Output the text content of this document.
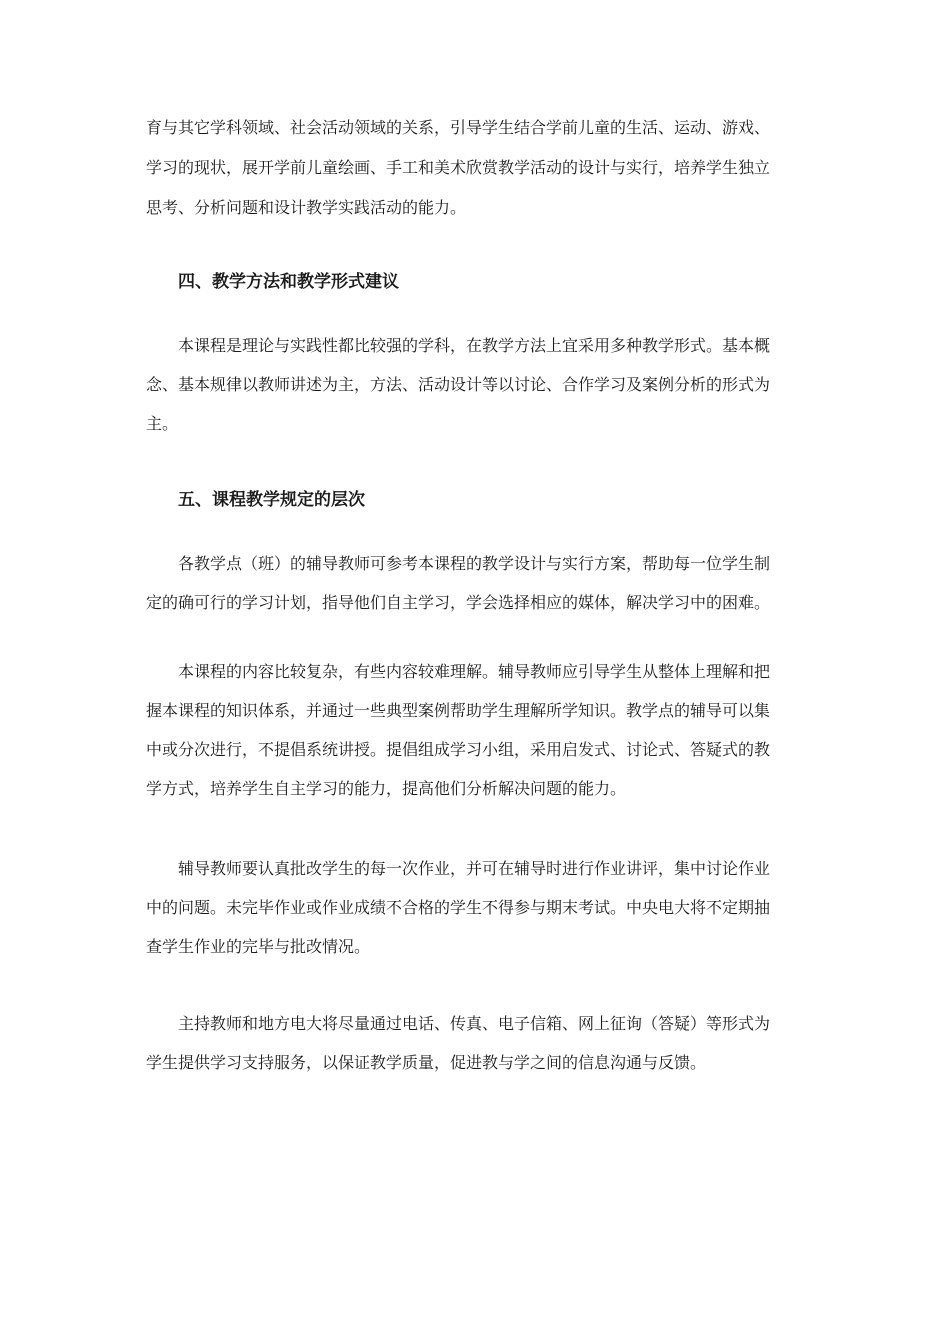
育与其它学科领域、社会活动领域的关系，引导学生结合学前儿童的生活、运动、游戏、
学习的现状，展开学前儿童绘画、手工和美术欣赏教学活动的设计与实行，培养学生独立
思考、分析问题和设计教学实践活动的能力。
四、教学方法和教学形式建议
本课程是理论与实践性都比较强的学科，在教学方法上宜采用多种教学形式。基本概
念、基本规律以教师讲述为主，方法、活动设计等以讨论、合作学习及案例分析的形式为
主。
五、课程教学规定的层次
各教学点（班）的辅导教师可参考本课程的教学设计与实行方案，帮助每一位学生制
定的确可行的学习计划，指导他们自主学习，学会选择相应的媒体，解决学习中的困难。
本课程的内容比较复杂，有些内容较难理解。辅导教师应引导学生从整体上理解和把
握本课程的知识体系，并通过一些典型案例帮助学生理解所学知识。教学点的辅导可以集
中或分次进行，不提倡系统讲授。提倡组成学习小组，采用启发式、讨论式、答疑式的教
学方式，培养学生自主学习的能力，提高他们分析解决问题的能力。
辅导教师要认真批改学生的每一次作业，并可在辅导时进行作业讲评，集中讨论作业
中的问题。未完毕作业或作业成绩不合格的学生不得参与期末考试。中央电大将不定期抽
查学生作业的完毕与批改情况。
主持教师和地方电大将尽量通过电话、传真、电子信箱、网上征询（答疑）等形式为
学生提供学习支持服务，以保证教学质量，促进教与学之间的信息沟通与反馈。
